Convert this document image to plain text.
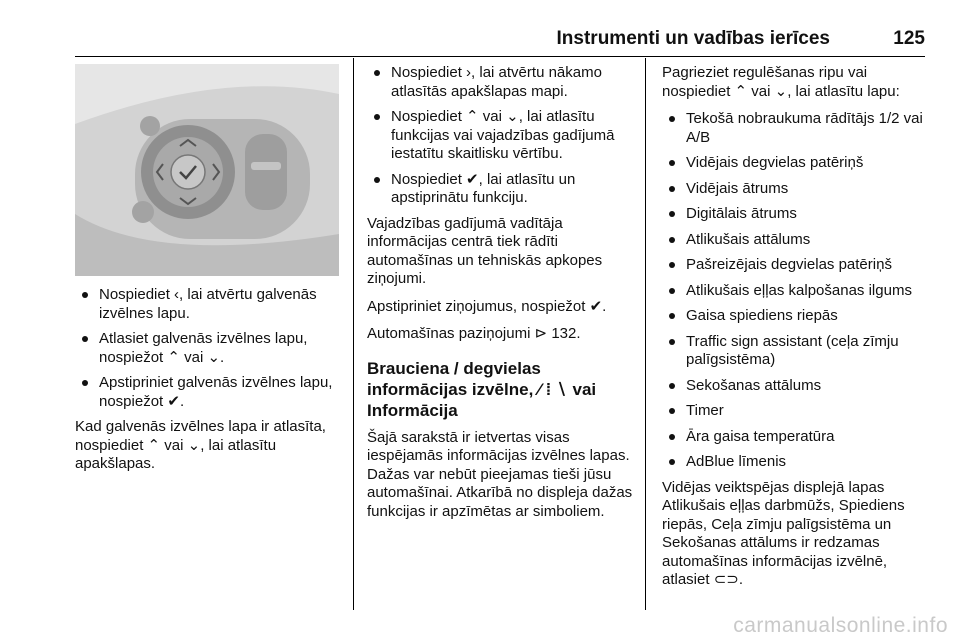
Instrumenti un vadības ierīces	125
Nospiediet ‹, lai atvērtu galvenās izvēlnes lapu.
Atlasiet galvenās izvēlnes lapu, nospiežot ⌃ vai ⌄.
Apstipriniet galvenās izvēlnes lapu, nospiežot ✔.

Kad galvenās izvēlnes lapa ir atlasīta, nospiediet ⌃ vai ⌄, lai atlasītu apakšlapas.

Nospiediet ›, lai atvērtu nākamo atlasītās apakšlapas mapi.
Nospiediet ⌃ vai ⌄, lai atlasītu funkcijas vai vajadzības gadījumā iestatītu skaitlisku vērtību.
Nospiediet ✔, lai atlasītu un apstiprinātu funkciju.

Vajadzības gadījumā vadītāja informācijas centrā tiek rādīti automašīnas un tehniskās apkopes ziņojumi.

Apstipriniet ziņojumus, nospiežot ✔.

Automašīnas paziņojumi ⊳ 132.

Brauciena / degvielas informācijas izvēlne, ⁄ ⁞ ∖ vai Informācija

Šajā sarakstā ir ietvertas visas iespējamās informācijas izvēlnes lapas. Dažas var nebūt pieejamas tieši jūsu automašīnai. Atkarībā no displeja dažas funkcijas ir apzīmētas ar simboliem.

Pagrieziet regulēšanas ripu vai nospiediet ⌃ vai ⌄, lai atlasītu lapu:

Tekošā nobraukuma rādītājs 1/2 vai A/B
Vidējais degvielas patēriņš
Vidējais ātrums
Digitālais ātrums
Atlikušais attālums
Pašreizējais degvielas patēriņš
Atlikušais eļļas kalpošanas ilgums
Gaisa spiediens riepās
Traffic sign assistant (ceļa zīmju palīgsistēma)
Sekošanas attālums
Timer
Āra gaisa temperatūra
AdBlue līmenis

Vidējas veiktspējas displejā lapas Atlikušais eļļas darbmūžs, Spiediens riepās, Ceļa zīmju palīgsistēma un Sekošanas attālums ir redzamas automašīnas informācijas izvēlnē, atlasiet ⊂⊃.

carmanualsonline.info
